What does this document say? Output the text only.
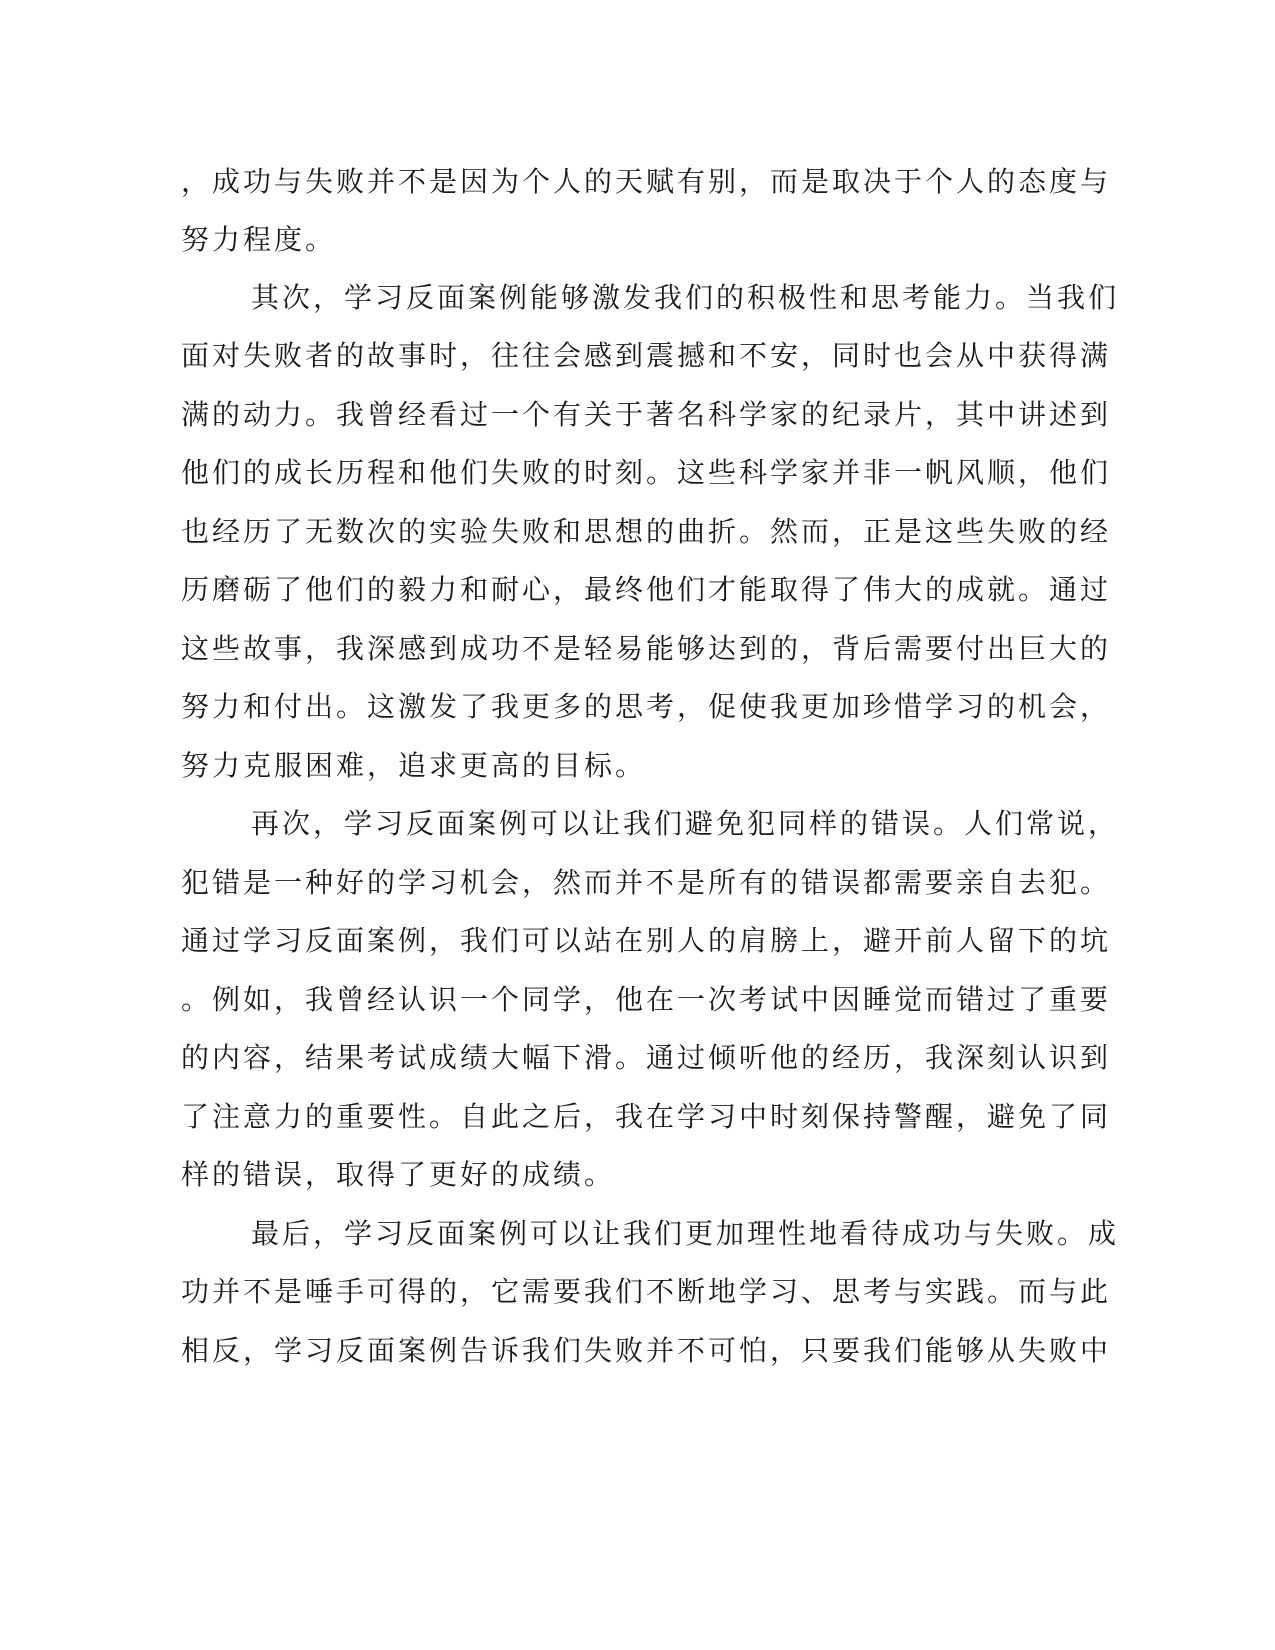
，成功与失败并不是因为个人的天赋有别，而是取决于个人的态度与
努力程度。
其次，学习反面案例能够激发我们的积极性和思考能力。当我们
面对失败者的故事时，往往会感到震撼和不安，同时也会从中获得满
满的动力。我曾经看过一个有关于著名科学家的纪录片，其中讲述到
他们的成长历程和他们失败的时刻。这些科学家并非一帆风顺，他们
也经历了无数次的实验失败和思想的曲折。然而，正是这些失败的经
历磨砺了他们的毅力和耐心，最终他们才能取得了伟大的成就。通过
这些故事，我深感到成功不是轻易能够达到的，背后需要付出巨大的
努力和付出。这激发了我更多的思考，促使我更加珍惜学习的机会，
努力克服困难，追求更高的目标。
再次，学习反面案例可以让我们避免犯同样的错误。人们常说，
犯错是一种好的学习机会，然而并不是所有的错误都需要亲自去犯。
通过学习反面案例，我们可以站在别人的肩膀上，避开前人留下的坑
。例如，我曾经认识一个同学，他在一次考试中因睡觉而错过了重要
的内容，结果考试成绩大幅下滑。通过倾听他的经历，我深刻认识到
了注意力的重要性。自此之后，我在学习中时刻保持警醒，避免了同
样的错误，取得了更好的成绩。
最后，学习反面案例可以让我们更加理性地看待成功与失败。成
功并不是唾手可得的，它需要我们不断地学习、思考与实践。而与此
相反，学习反面案例告诉我们失败并不可怕，只要我们能够从失败中
